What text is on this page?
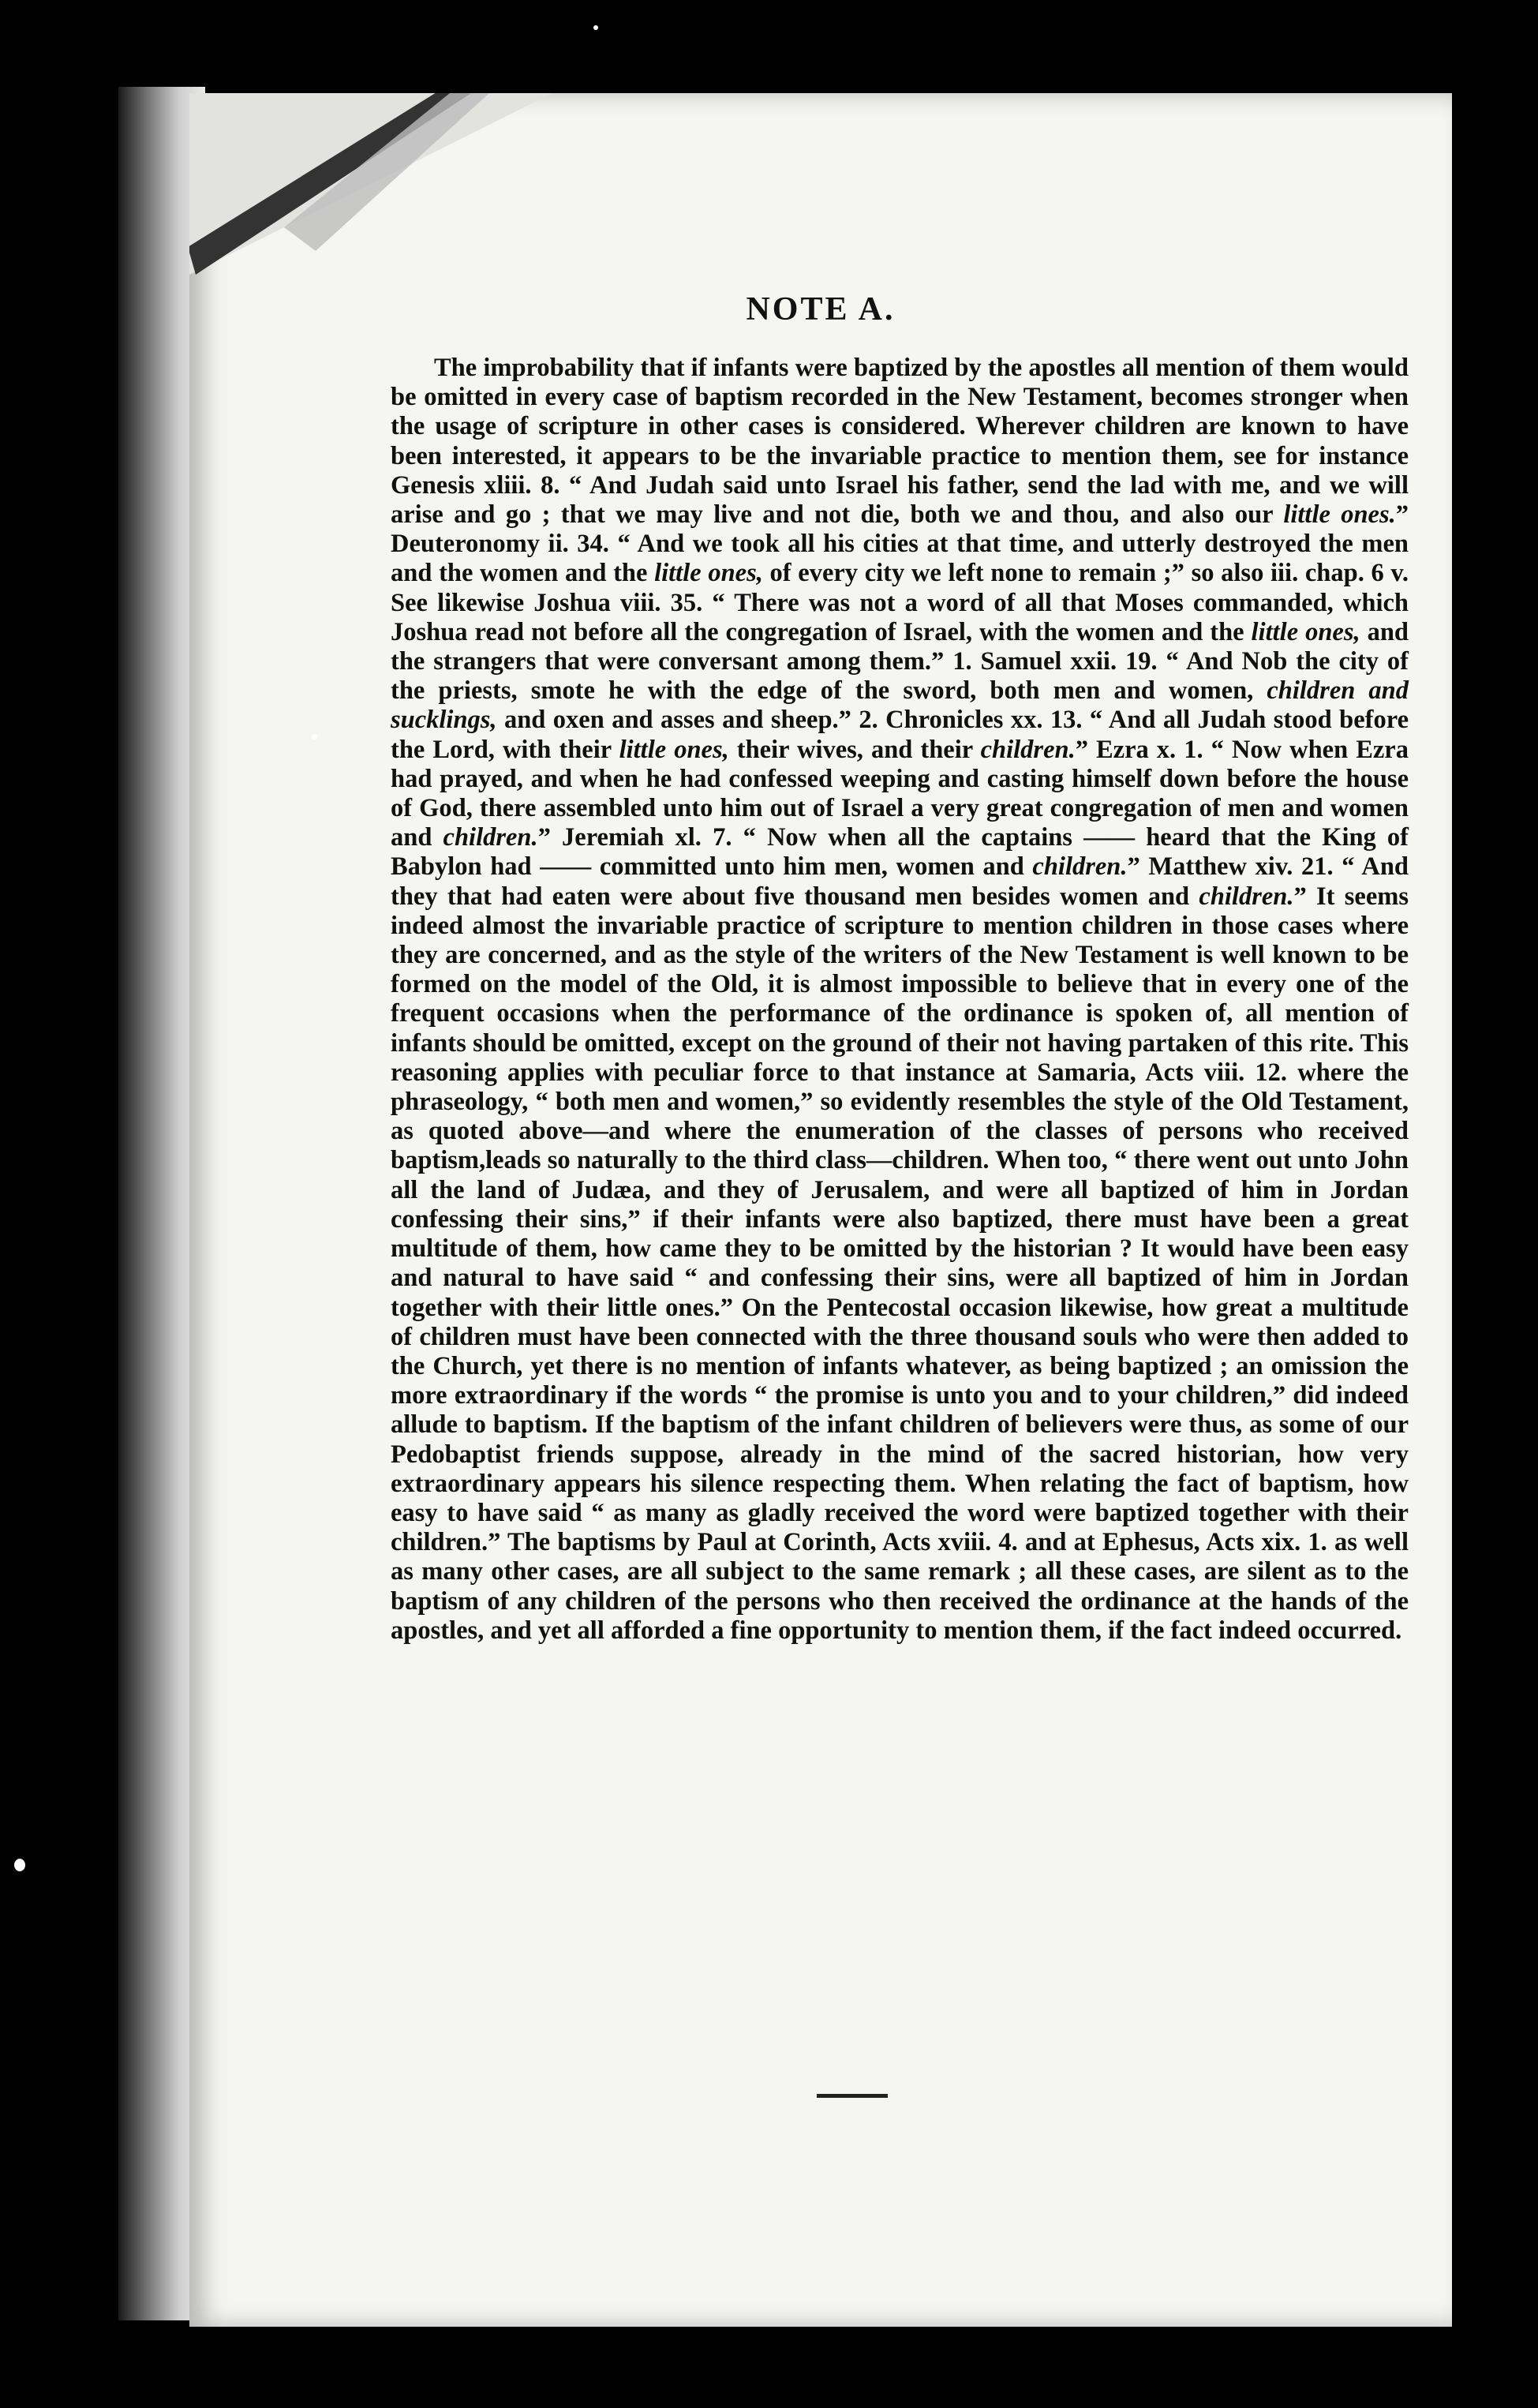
NOTE A.
The improbability that if infants were baptized by the apostles all mention of them would be omitted in every case of baptism recorded in the New Testament, becomes stronger when the usage of scripture in other cases is considered. Wherever children are known to have been interested, it appears to be the invariable practice to mention them, see for instance Genesis xliii. 8. “ And Judah said unto Israel his father, send the lad with me, and we will arise and go ; that we may live and not die, both we and thou, and also our little ones.” Deuteronomy ii. 34. “ And we took all his cities at that time, and utterly destroyed the men and the women and the little ones, of every city we left none to remain ;” so also iii. chap. 6 v. See likewise Joshua viii. 35. “ There was not a word of all that Moses commanded, which Joshua read not before all the congregation of Israel, with the women and the little ones, and the strangers that were conversant among them.” 1. Samuel xxii. 19. “ And Nob the city of the priests, smote he with the edge of the sword, both men and women, children and sucklings, and oxen and asses and sheep.” 2. Chronicles xx. 13. “ And all Judah stood before the Lord, with their little ones, their wives, and their children.” Ezra x. 1. “ Now when Ezra had prayed, and when he had confessed weeping and casting himself down before the house of God, there assembled unto him out of Israel a very great congregation of men and women and children.” Jeremiah xl. 7. “ Now when all the captains —— heard that the King of Babylon had —— committed unto him men, women and children.” Matthew xiv. 21. “ And they that had eaten were about five thousand men besides women and children.” It seems indeed almost the invariable practice of scripture to mention children in those cases where they are concerned, and as the style of the writers of the New Testament is well known to be formed on the model of the Old, it is almost impossible to believe that in every one of the frequent occasions when the performance of the ordinance is spoken of, all mention of infants should be omitted, except on the ground of their not having partaken of this rite. This reasoning applies with peculiar force to that instance at Samaria, Acts viii. 12. where the phraseology, “ both men and women,” so evidently resembles the style of the Old Testament, as quoted above—and where the enumeration of the classes of persons who received baptism,leads so naturally to the third class—children. When too, “ there went out unto John all the land of Judæa, and they of Jerusalem, and were all baptized of him in Jordan confessing their sins,” if their infants were also baptized, there must have been a great multitude of them, how came they to be omitted by the historian ? It would have been easy and natural to have said “ and confessing their sins, were all baptized of him in Jordan together with their little ones.” On the Pentecostal occasion likewise, how great a multitude of children must have been connected with the three thousand souls who were then added to the Church, yet there is no mention of infants whatever, as being baptized ; an omission the more extraordinary if the words “ the promise is unto you and to your children,” did indeed allude to baptism. If the baptism of the infant children of believers were thus, as some of our Pedobaptist friends suppose, already in the mind of the sacred historian, how very extraordinary appears his silence respecting them. When relating the fact of baptism, how easy to have said “ as many as gladly received the word were baptized together with their children.” The baptisms by Paul at Corinth, Acts xviii. 4. and at Ephesus, Acts xix. 1. as well as many other cases, are all subject to the same remark ; all these cases, are silent as to the baptism of any children of the persons who then received the ordinance at the hands of the apostles, and yet all afforded a fine opportunity to mention them, if the fact indeed occurred.
